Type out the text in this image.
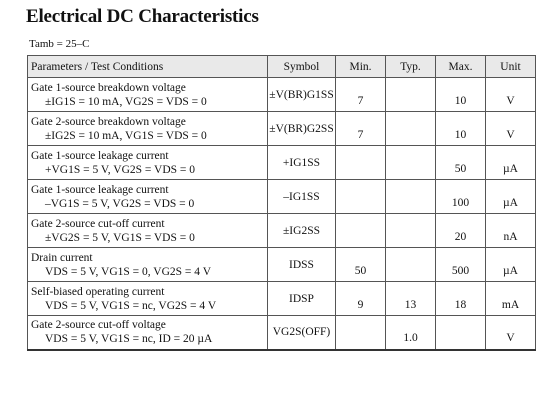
Electrical DC Characteristics
Tamb = 25–C
Parameters / Test Conditions	Symbol	Min.	Typ.	Max.	Unit

Gate 1-source breakdown voltage
±IG1S = 10 mA, VG2S = VDS = 0	±V(BR)G1SS	7		10	V

Gate 2-source breakdown voltage
±IG2S = 10 mA, VG1S = VDS = 0	±V(BR)G2SS	7		10	V

Gate 1-source leakage current
+VG1S = 5 V, VG2S = VDS = 0	+IG1SS			50	µA

Gate 1-source leakage current
–VG1S = 5 V, VG2S = VDS = 0	–IG1SS			100	µA

Gate 2-source cut-off current
±VG2S = 5 V, VG1S = VDS = 0	±IG2SS			20	nA

Drain current
VDS = 5 V, VG1S = 0, VG2S = 4 V	IDSS	50		500	µA

Self-biased operating current
VDS = 5 V, VG1S = nc, VG2S = 4 V	IDSP	9	13	18	mA

Gate 2-source cut-off voltage
VDS = 5 V, VG1S = nc, ID = 20 µA	VG2S(OFF)		1.0		V
